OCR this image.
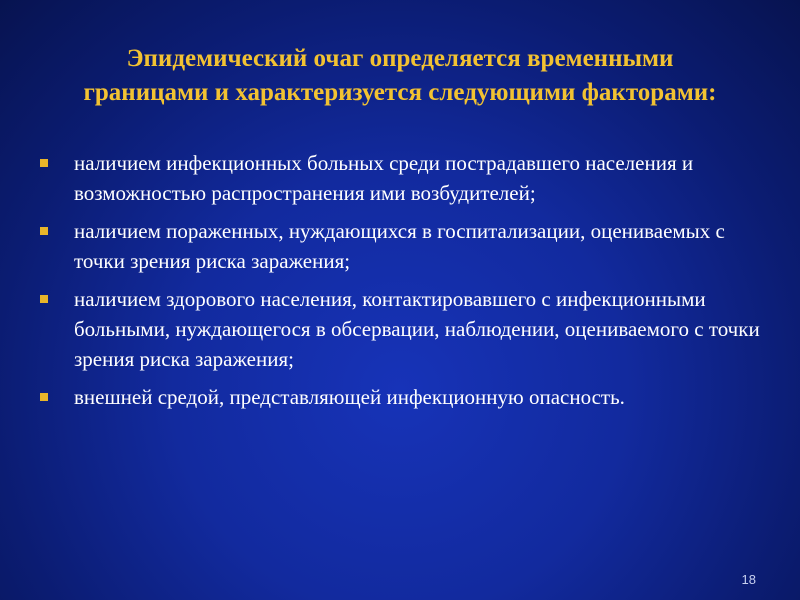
Эпидемический очаг определяется временными
границами и характеризуется следующими факторами:
наличием инфекционных больных среди пострадавшего населения и возможностью распространения ими возбудителей;
наличием пораженных, нуждающихся в госпитализации, оцениваемых с точки зрения риска заражения;
наличием здорового населения, контактировавшего с инфекционными больными, нуждающегося в обсервации, наблюдении, оцениваемого с точки зрения риска заражения;
внешней средой, представляющей инфекционную опасность.
18
